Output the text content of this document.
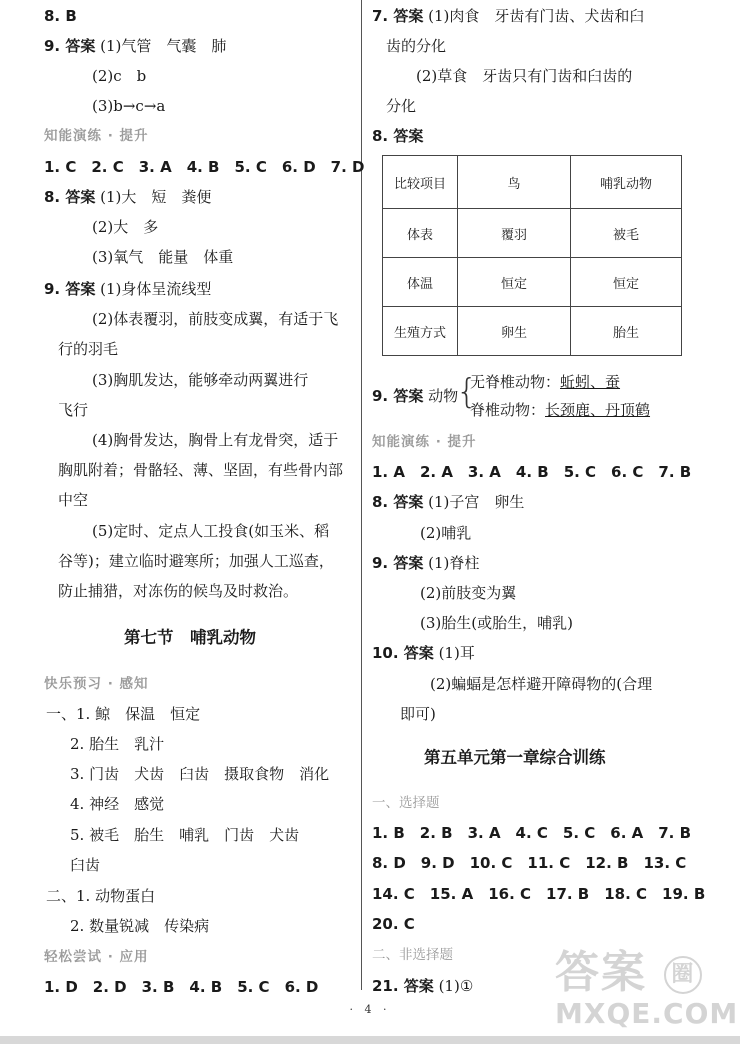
8. B
9. 答案 (1)气管　气囊　肺
(2)c　b
(3)b→c→a
知能演练 · 提升
1. C　2. C　3. A　4. B　5. C　6. D　7. D
8. 答案 (1)大　短　粪便
(2)大　多
(3)氧气　能量　体重
9. 答案 (1)身体呈流线型
(2)体表覆羽，前肢变成翼，有适于飞
行的羽毛
(3)胸肌发达，能够牵动两翼进行
飞行
(4)胸骨发达，胸骨上有龙骨突，适于
胸肌附着；骨骼轻、薄、坚固，有些骨内部
中空
(5)定时、定点人工投食(如玉米、稻
谷等)；建立临时避寒所；加强人工巡查，
防止捕猎，对冻伤的候鸟及时救治。
第七节　哺乳动物
快乐预习 · 感知
一、1. 鲸　保温　恒定
2. 胎生　乳汁
3. 门齿　犬齿　臼齿　摄取食物　消化
4. 神经　感觉
5. 被毛　胎生　哺乳　门齿　犬齿
臼齿
二、1. 动物蛋白
2. 数量锐减　传染病
轻松尝试 · 应用
1. D　2. D　3. B　4. B　5. C　6. D
7. 答案 (1)肉食　牙齿有门齿、犬齿和臼
齿的分化
(2)草食　牙齿只有门齿和臼齿的
分化
8. 答案
比较项目	鸟	哺乳动物
体表	覆羽	被毛
体温	恒定	恒定
生殖方式	卵生	胎生
9. 答案 动物
{
无脊椎动物：蚯蚓、蚕
脊椎动物：长颈鹿、丹顶鹤
知能演练 · 提升
1. A　2. A　3. A　4. B　5. C　6. C　7. B
8. 答案 (1)子宫　卵生
(2)哺乳
9. 答案 (1)脊柱
(2)前肢变为翼
(3)胎生(或胎生，哺乳)
10. 答案 (1)耳
(2)蝙蝠是怎样避开障碍物的(合理
即可)
第五单元第一章综合训练
一、选择题
1. B　2. B　3. A　4. C　5. C　6. A　7. B
8. D　9. D　10. C　11. C　12. B　13. C
14. C　15. A　16. C　17. B　18. C　19. B
20. C
二、非选择题
21. 答案 (1)①
· 4 ·
答案 圈
MXQE.COM
